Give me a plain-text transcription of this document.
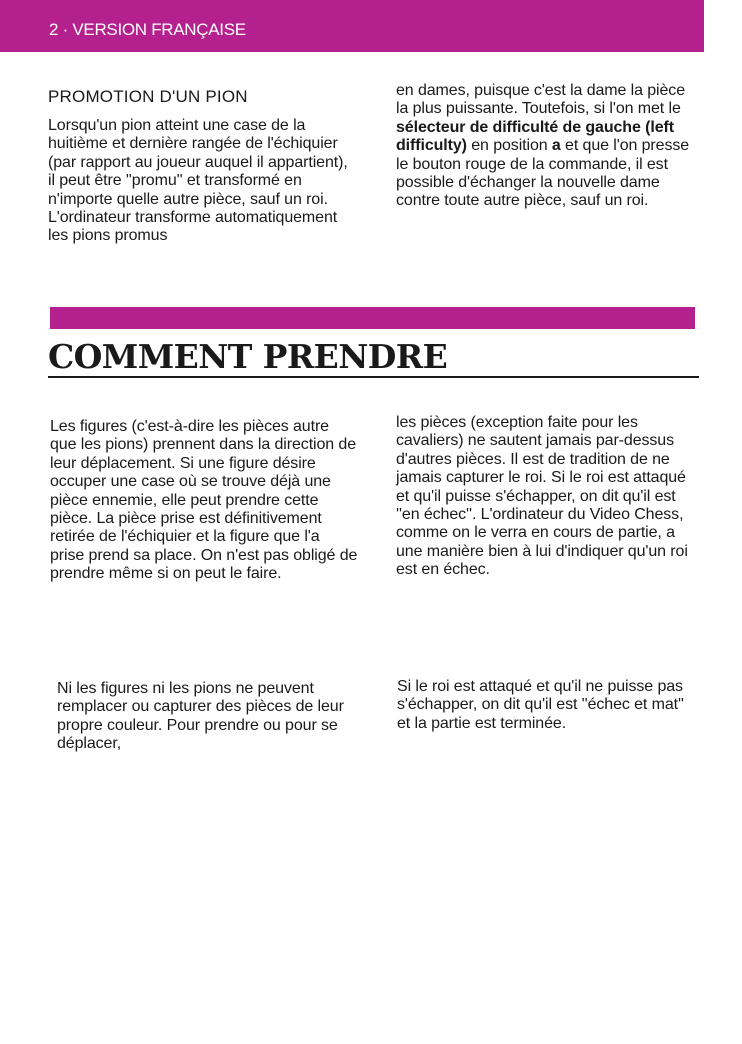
2 · VERSION FRANÇAISE
PROMOTION D'UN PION

Lorsqu'un pion atteint une case de la huitième et dernière rangée de l'échiquier (par rapport au joueur auquel il appartient), il peut être ''promu'' et transformé en n'importe quelle autre pièce, sauf un roi. L'ordinateur transforme automatiquement les pions promus

en dames, puisque c'est la dame la pièce la plus puissante. Toutefois, si l'on met le sélecteur de difficulté de gauche (left difficulty) en position a et que l'on presse le bouton rouge de la commande, il est possible d'échanger la nouvelle dame contre toute autre pièce, sauf un roi.

COMMENT PRENDRE

Les figures (c'est-à-dire les pièces autre que les pions) prennent dans la direction de leur déplacement. Si une figure désire occuper une case où se trouve déjà une pièce ennemie, elle peut prendre cette pièce. La pièce prise est définitivement retirée de l'échiquier et la figure que l'a prise prend sa place. On n'est pas obligé de prendre même si on peut le faire.

Ni les figures ni les pions ne peuvent remplacer ou capturer des pièces de leur propre couleur. Pour prendre ou pour se déplacer,

les pièces (exception faite pour les cavaliers) ne sautent jamais par-dessus d'autres pièces. Il est de tradition de ne jamais capturer le roi. Si le roi est attaqué et qu'il puisse s'échapper, on dit qu'il est ''en échec''. L'ordinateur du Video Chess, comme on le verra en cours de partie, a une manière bien à lui d'indiquer qu'un roi est en échec.

Si le roi est attaqué et qu'il ne puisse pas s'échapper, on dit qu'il est ''échec et mat'' et la partie est terminée.
